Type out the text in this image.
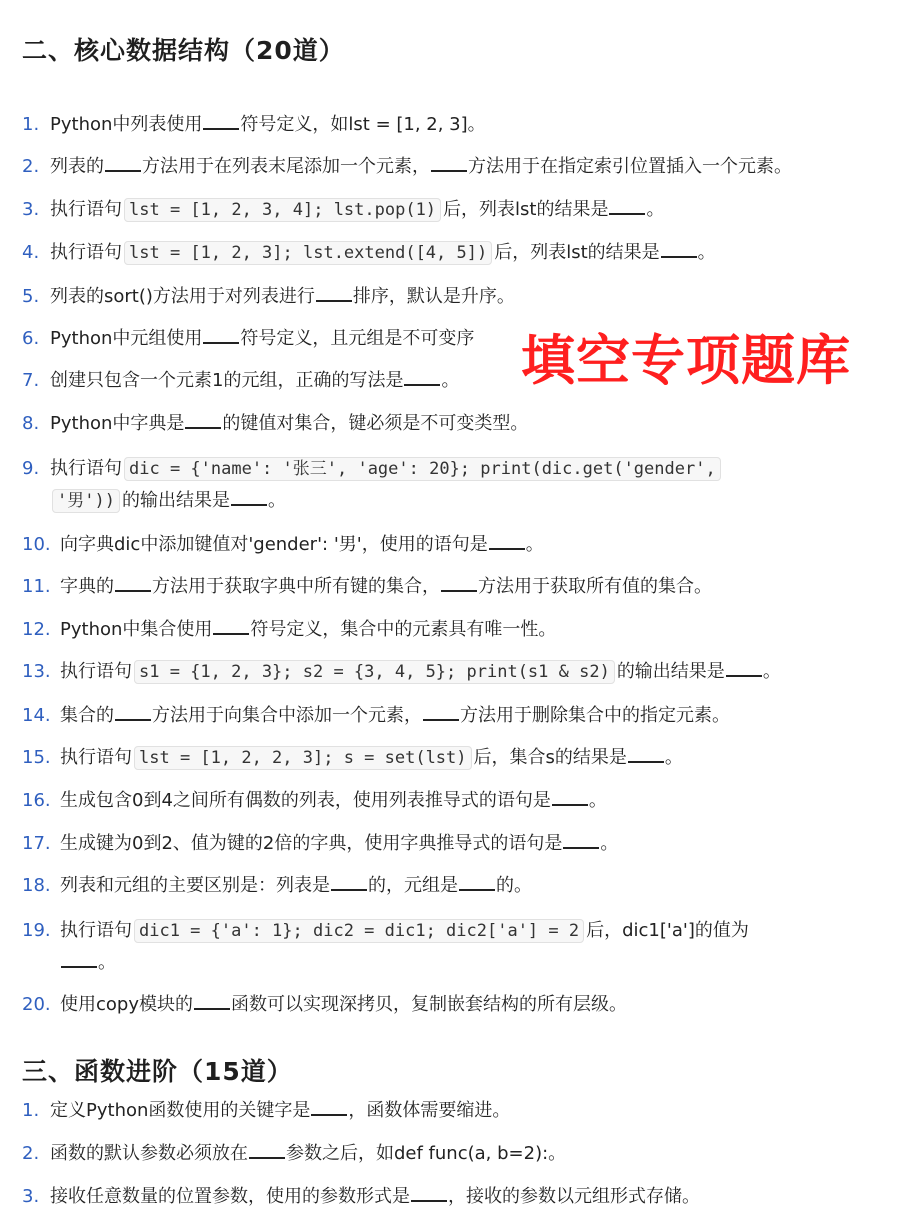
二、核心数据结构（20道）
1. Python中列表使用 符号定义，如lst = [1, 2, 3]。
2. 列表的 方法用于在列表末尾添加一个元素， 方法用于在指定索引位置插入一个元素。
3. 执行语句 lst = [1, 2, 3, 4]; lst.pop(1) 后，列表lst的结果是 。
4. 执行语句 lst = [1, 2, 3]; lst.extend([4, 5]) 后，列表lst的结果是 。
5. 列表的sort()方法用于对列表进行 排序，默认是升序。
6. Python中元组使用 符号定义，且元组是不可变序
7. 创建只包含一个元素1的元组，正确的写法是 。
8. Python中字典是 的键值对集合，键必须是不可变类型。
9. 执行语句 dic = {'name': '张三', 'age': 20}; print(dic.get('gender',
'男')) 的输出结果是 。
10. 向字典dic中添加键值对'gender': '男'，使用的语句是 。
11. 字典的 方法用于获取字典中所有键的集合， 方法用于获取所有值的集合。
12. Python中集合使用 符号定义，集合中的元素具有唯一性。
13. 执行语句 s1 = {1, 2, 3}; s2 = {3, 4, 5}; print(s1 & s2) 的输出结果是 。
14. 集合的 方法用于向集合中添加一个元素， 方法用于删除集合中的指定元素。
15. 执行语句 lst = [1, 2, 2, 3]; s = set(lst) 后，集合s的结果是 。
16. 生成包含0到4之间所有偶数的列表，使用列表推导式的语句是 。
17. 生成键为0到2、值为键的2倍的字典，使用字典推导式的语句是 。
18. 列表和元组的主要区别是：列表是 的，元组是 的。
19. 执行语句 dic1 = {'a': 1}; dic2 = dic1; dic2['a'] = 2 后，dic1['a']的值为
。
20. 使用copy模块的 函数可以实现深拷贝，复制嵌套结构的所有层级。
三、函数进阶（15道）
1. 定义Python函数使用的关键字是 ，函数体需要缩进。
2. 函数的默认参数必须放在 参数之后，如def func(a, b=2):。
3. 接收任意数量的位置参数，使用的参数形式是 ，接收的参数以元组形式存储。
填空专项题库
